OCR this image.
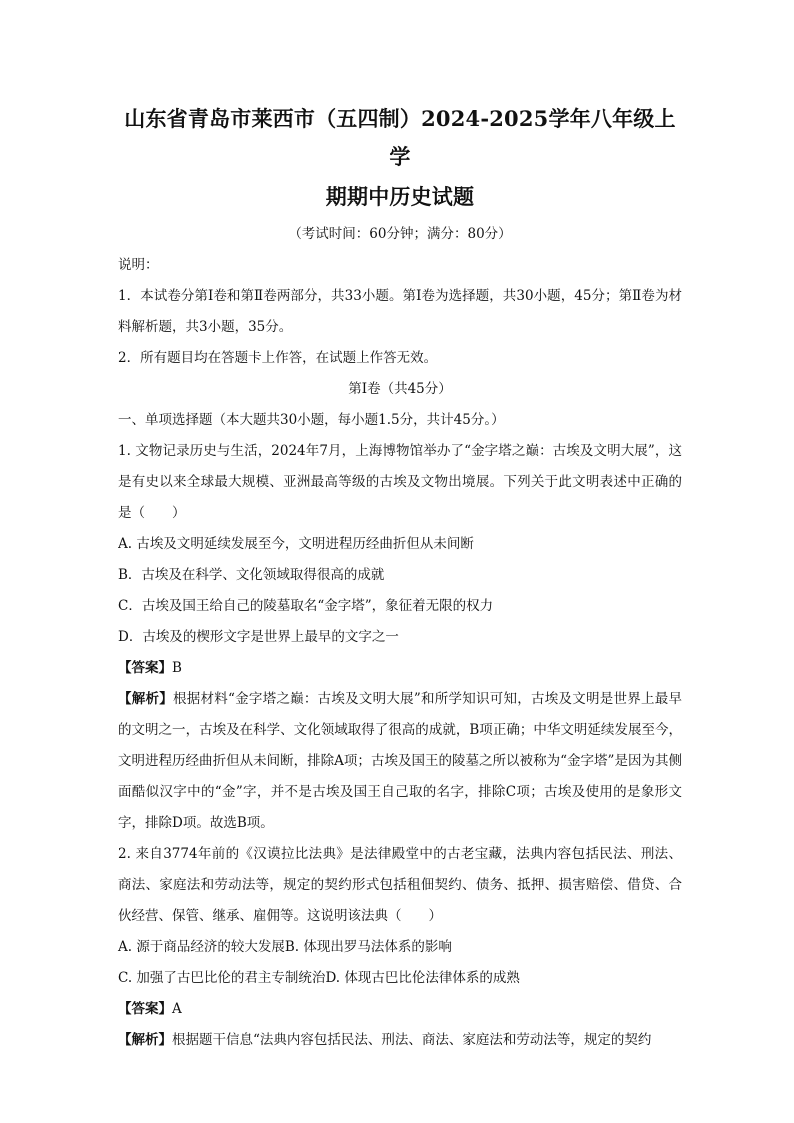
山东省青岛市莱西市（五四制）2024-2025学年八年级上学
期期中历史试题
（考试时间：60分钟；满分：80分）

说明：

1．本试卷分第Ⅰ卷和第Ⅱ卷两部分，共33小题。第Ⅰ卷为选择题，共30小题，45分；第Ⅱ卷为材料解析题，共3小题，35分。

2．所有题目均在答题卡上作答，在试题上作答无效。

第Ⅰ卷（共45分）

一、单项选择题（本大题共30小题，每小题1.5分，共计45分。）

1. 文物记录历史与生活，2024年7月，上海博物馆举办了“金字塔之巅：古埃及文明大展”，这是有史以来全球最大规模、亚洲最高等级的古埃及文物出境展。下列关于此文明表述中正确的是（　　）

A. 古埃及文明延续发展至今，文明进程历经曲折但从未间断

B．古埃及在科学、文化领域取得很高的成就

C．古埃及国王给自己的陵墓取名“金字塔”，象征着无限的权力

D．古埃及的楔形文字是世界上最早的文字之一

【答案】B

【解析】根据材料“金字塔之巅：古埃及文明大展”和所学知识可知，古埃及文明是世界上最早的文明之一，古埃及在科学、文化领域取得了很高的成就，B项正确；中华文明延续发展至今，文明进程历经曲折但从未间断，排除A项；古埃及国王的陵墓之所以被称为“金字塔”是因为其侧面酷似汉字中的“金”字，并不是古埃及国王自己取的名字，排除C项；古埃及使用的是象形文字，排除D项。故选B项。

2. 来自3774年前的《汉谟拉比法典》是法律殿堂中的古老宝藏，法典内容包括民法、刑法、商法、家庭法和劳动法等，规定的契约形式包括租佃契约、债务、抵押、损害赔偿、借贷、合伙经营、保管、继承、雇佣等。这说明该法典（　　）

A. 源于商品经济的较大发展 B. 体现出罗马法体系的影响
C. 加强了古巴比伦的君主专制统治 D. 体现古巴比伦法律体系的成熟

【答案】A

【解析】根据题干信息“法典内容包括民法、刑法、商法、家庭法和劳动法等，规定的契约
